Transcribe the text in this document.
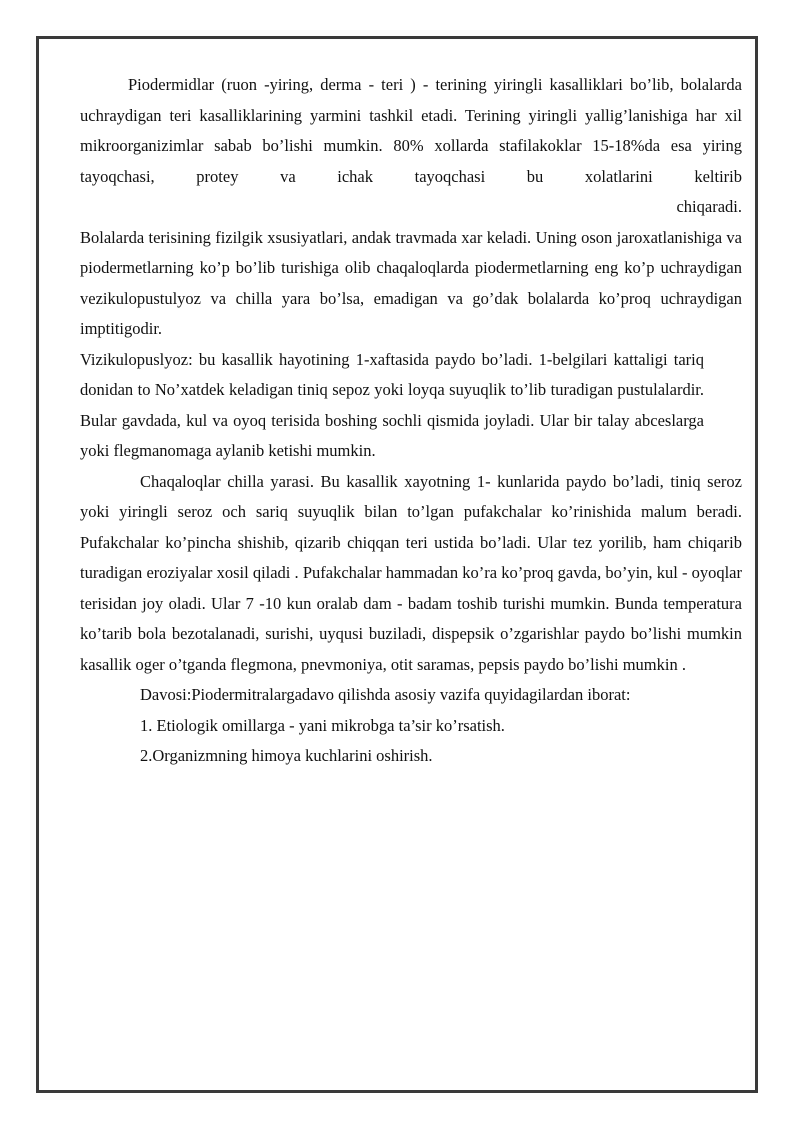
Piodermidlar (ruon -yiring, derma - teri ) - terining yiringli kasalliklari bo’lib, bolalarda uchraydigan teri kasalliklarining yarmini tashkil etadi. Terining yiringli yallig’lanishiga har xil mikroorganizimlar sabab bo’lishi mumkin. 80% xollarda stafilakoklar 15-18%da esa yiring tayoqchasi, protey va ichak tayoqchasi bu xolatlarini keltirib

chiqaradi.

Bolalarda terisining fizilgik xsusiyatlari, andak travmada xar keladi. Uning oson jaroxatlanishiga va piodermetlarning ko’p bo’lib turishiga olib chaqaloqlarda piodermetlarning eng ko’p uchraydigan vezikulopustulyoz va chilla yara bo’lsa, emadigan va go’dak bolalarda ko’proq uchraydigan imptitigodir.

Vizikulopuslyoz: bu kasallik hayotining 1-xaftasida paydo bo’ladi. 1-belgilari kattaligi tariq donidan to No’xatdek keladigan tiniq sepoz yoki loyqa suyuqlik to’lib turadigan pustulalardir. Bular gavdada, kul va oyoq terisida boshing sochli qismida joyladi. Ular bir talay abceslarga yoki flegmanomaga aylanib ketishi mumkin.

Chaqaloqlar chilla yarasi. Bu kasallik xayotning 1- kunlarida paydo bo’ladi, tiniq seroz yoki yiringli seroz och sariq suyuqlik bilan to’lgan pufakchalar ko’rinishida malum beradi. Pufakchalar ko’pincha shishib, qizarib chiqqan teri ustida bo’ladi. Ular tez yorilib, ham chiqarib turadigan eroziyalar xosil qiladi . Pufakchalar hammadan ko’ra ko’proq gavda, bo’yin, kul - oyoqlar terisidan joy oladi. Ular 7 -10 kun oralab dam - badam toshib turishi mumkin. Bunda temperatura ko’tarib bola bezotalanadi, surishi, uyqusi buziladi, dispepsik o’zgarishlar paydo bo’lishi mumkin kasallik oger o’tganda flegmona, pnevmoniya, otit saramas, pepsis paydo bo’lishi mumkin .

Davosi:Piodermitralargadavo qilishda asosiy vazifa quyidagilardan iborat:

1. Etiologik omillarga - yani mikrobga ta’sir ko’rsatish.

2.Organizmning himoya kuchlarini oshirish.
